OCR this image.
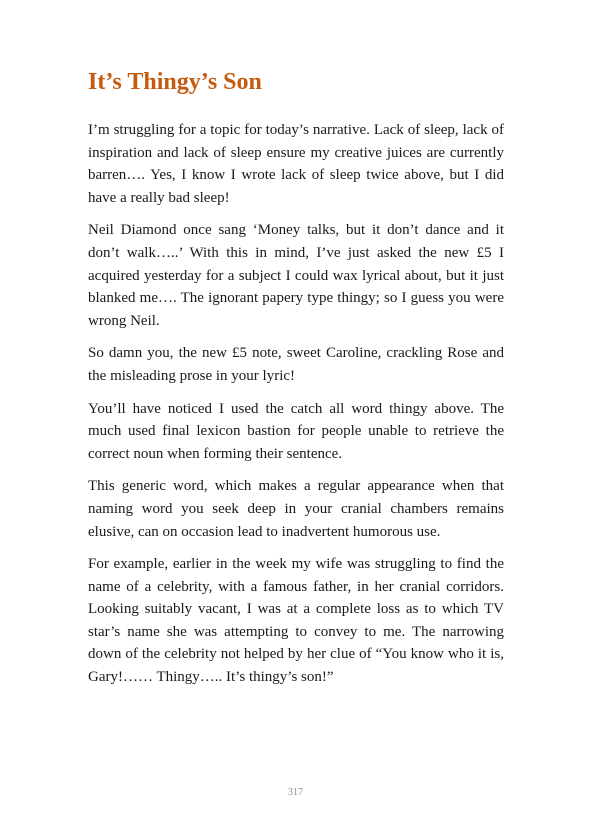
It’s Thingy’s Son

I’m struggling for a topic for today’s narrative. Lack of sleep, lack of inspiration and lack of sleep ensure my creative juices are currently barren…. Yes, I know I wrote lack of sleep twice above, but I did have a really bad sleep!

Neil Diamond once sang ‘Money talks, but it don’t dance and it don’t walk…..’ With this in mind, I’ve just asked the new £5 I acquired yesterday for a subject I could wax lyrical about, but it just blanked me…. The ignorant papery type thingy; so I guess you were wrong Neil.

So damn you, the new £5 note, sweet Caroline, crackling Rose and the misleading prose in your lyric!

You’ll have noticed I used the catch all word thingy above. The much used final lexicon bastion for people unable to retrieve the correct noun when forming their sentence.

This generic word, which makes a regular appearance when that naming word you seek deep in your cranial chambers remains elusive, can on occasion lead to inadvertent humorous use.

For example, earlier in the week my wife was struggling to find the name of a celebrity, with a famous father, in her cranial corridors. Looking suitably vacant, I was at a complete loss as to which TV star’s name she was attempting to convey to me. The narrowing down of the celebrity not helped by her clue of “You know who it is, Gary!…… Thingy….. It’s thingy’s son!”

317
